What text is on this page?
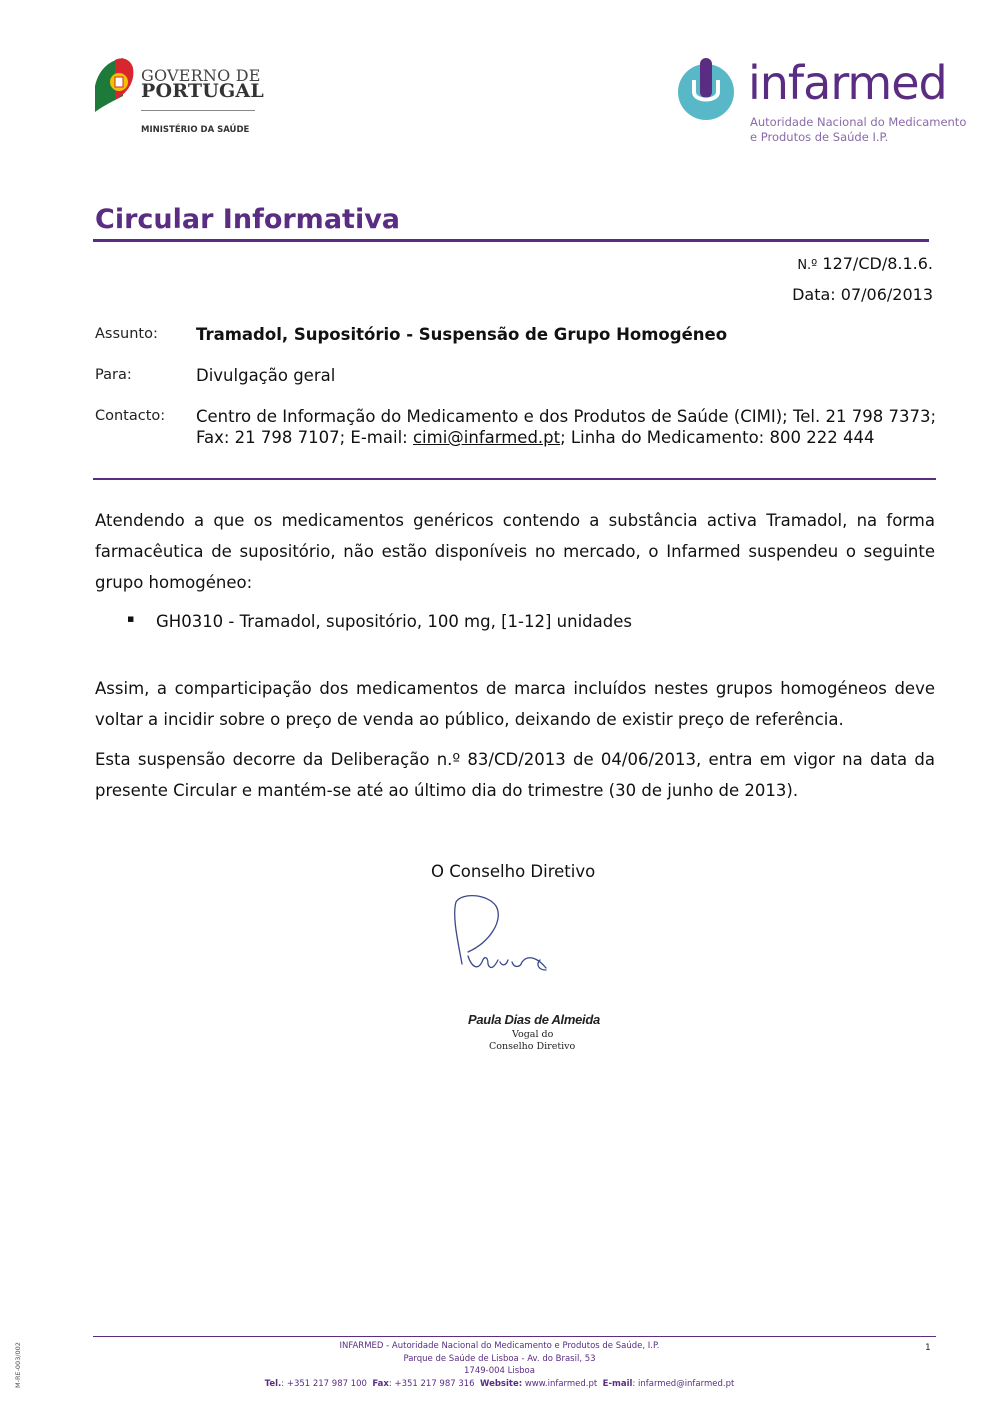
GOVERNO DE
PORTUGAL
MINISTÉRIO DA SAÚDE
infarmed
Autoridade Nacional do Medicamento
e Produtos de Saúde I.P.
Circular Informativa
N.º 127/CD/8.1.6.
Data: 07/06/2013
Assunto: Tramadol, Supositório - Suspensão de Grupo Homogéneo
Para:	Divulgação geral
Contacto: Centro de Informação do Medicamento e dos Produtos de Saúde (CIMI); Tel. 21 798 7373; Fax: 21 798 7107; E-mail: cimi@infarmed.pt; Linha do Medicamento: 800 222 444
Atendendo a que os medicamentos genéricos contendo a substância activa Tramadol, na forma farmacêutica de supositório, não estão disponíveis no mercado, o Infarmed suspendeu o seguinte grupo homogéneo:
▪ GH0310 - Tramadol, supositório, 100 mg, [1-12] unidades
Assim, a comparticipação dos medicamentos de marca incluídos nestes grupos homogéneos deve voltar a incidir sobre o preço de venda ao público, deixando de existir preço de referência.
Esta suspensão decorre da Deliberação n.º 83/CD/2013 de 04/06/2013, entra em vigor na data da presente Circular e mantém-se até ao último dia do trimestre (30 de junho de 2013).
O Conselho Diretivo
Paula Dias de Almeida
Vogal do
Conselho Diretivo
INFARMED - Autoridade Nacional do Medicamento e Produtos de Saúde, I.P.
Parque de Saúde de Lisboa - Av. do Brasil, 53
1749-004 Lisboa
Tel.: +351 217 987 100 Fax: +351 217 987 316 Website: www.infarmed.pt E-mail: infarmed@infarmed.pt
1
M-RE-003/002
